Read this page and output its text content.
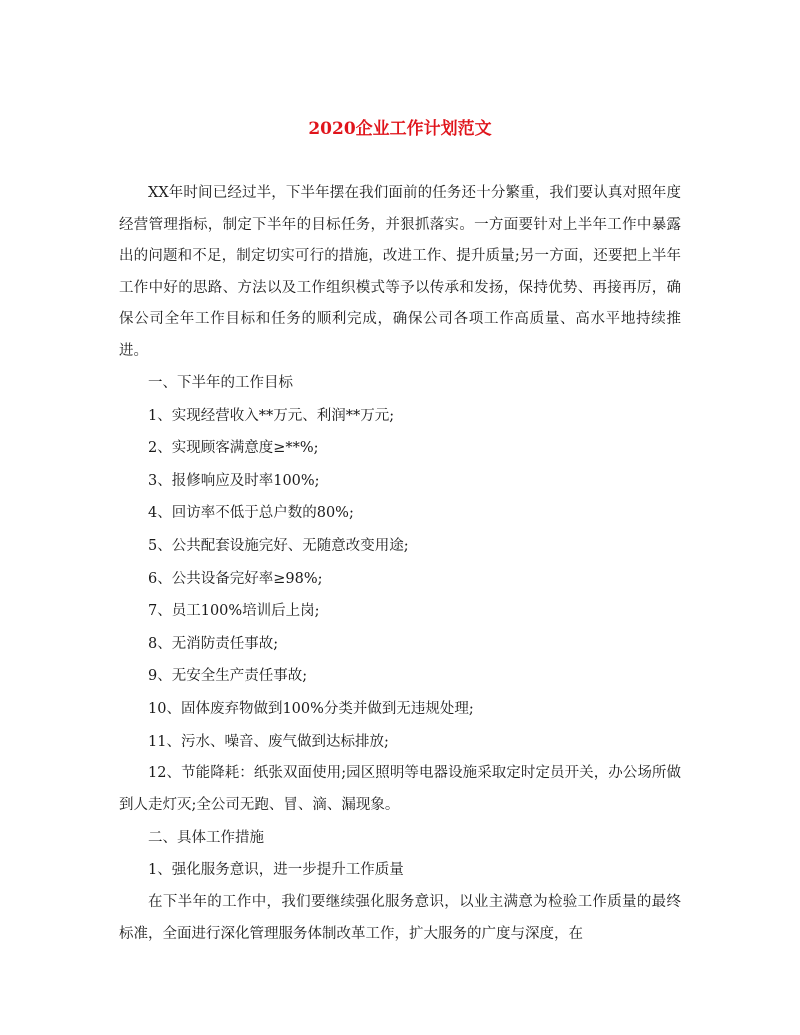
2020企业工作计划范文

XX年时间已经过半，下半年摆在我们面前的任务还十分繁重，我们要认真对照年度经营管理指标，制定下半年的目标任务，并狠抓落实。一方面要针对上半年工作中暴露出的问题和不足，制定切实可行的措施，改进工作、提升质量;另一方面，还要把上半年工作中好的思路、方法以及工作组织模式等予以传承和发扬，保持优势、再接再厉，确保公司全年工作目标和任务的顺利完成，确保公司各项工作高质量、高水平地持续推进。

一、下半年的工作目标

1、实现经营收入**万元、利润**万元;

2、实现顾客满意度≥**%;

3、报修响应及时率100%;

4、回访率不低于总户数的80%;

5、公共配套设施完好、无随意改变用途;

6、公共设备完好率≥98%;

7、员工100%培训后上岗;

8、无消防责任事故;

9、无安全生产责任事故;

10、固体废弃物做到100%分类并做到无违规处理;

11、污水、噪音、废气做到达标排放;

12、节能降耗：纸张双面使用;园区照明等电器设施采取定时定员开关，办公场所做到人走灯灭;全公司无跑、冒、滴、漏现象。

二、具体工作措施

1、强化服务意识，进一步提升工作质量

在下半年的工作中，我们要继续强化服务意识，以业主满意为检验工作质量的最终标准，全面进行深化管理服务体制改革工作，扩大服务的广度与深度，在
